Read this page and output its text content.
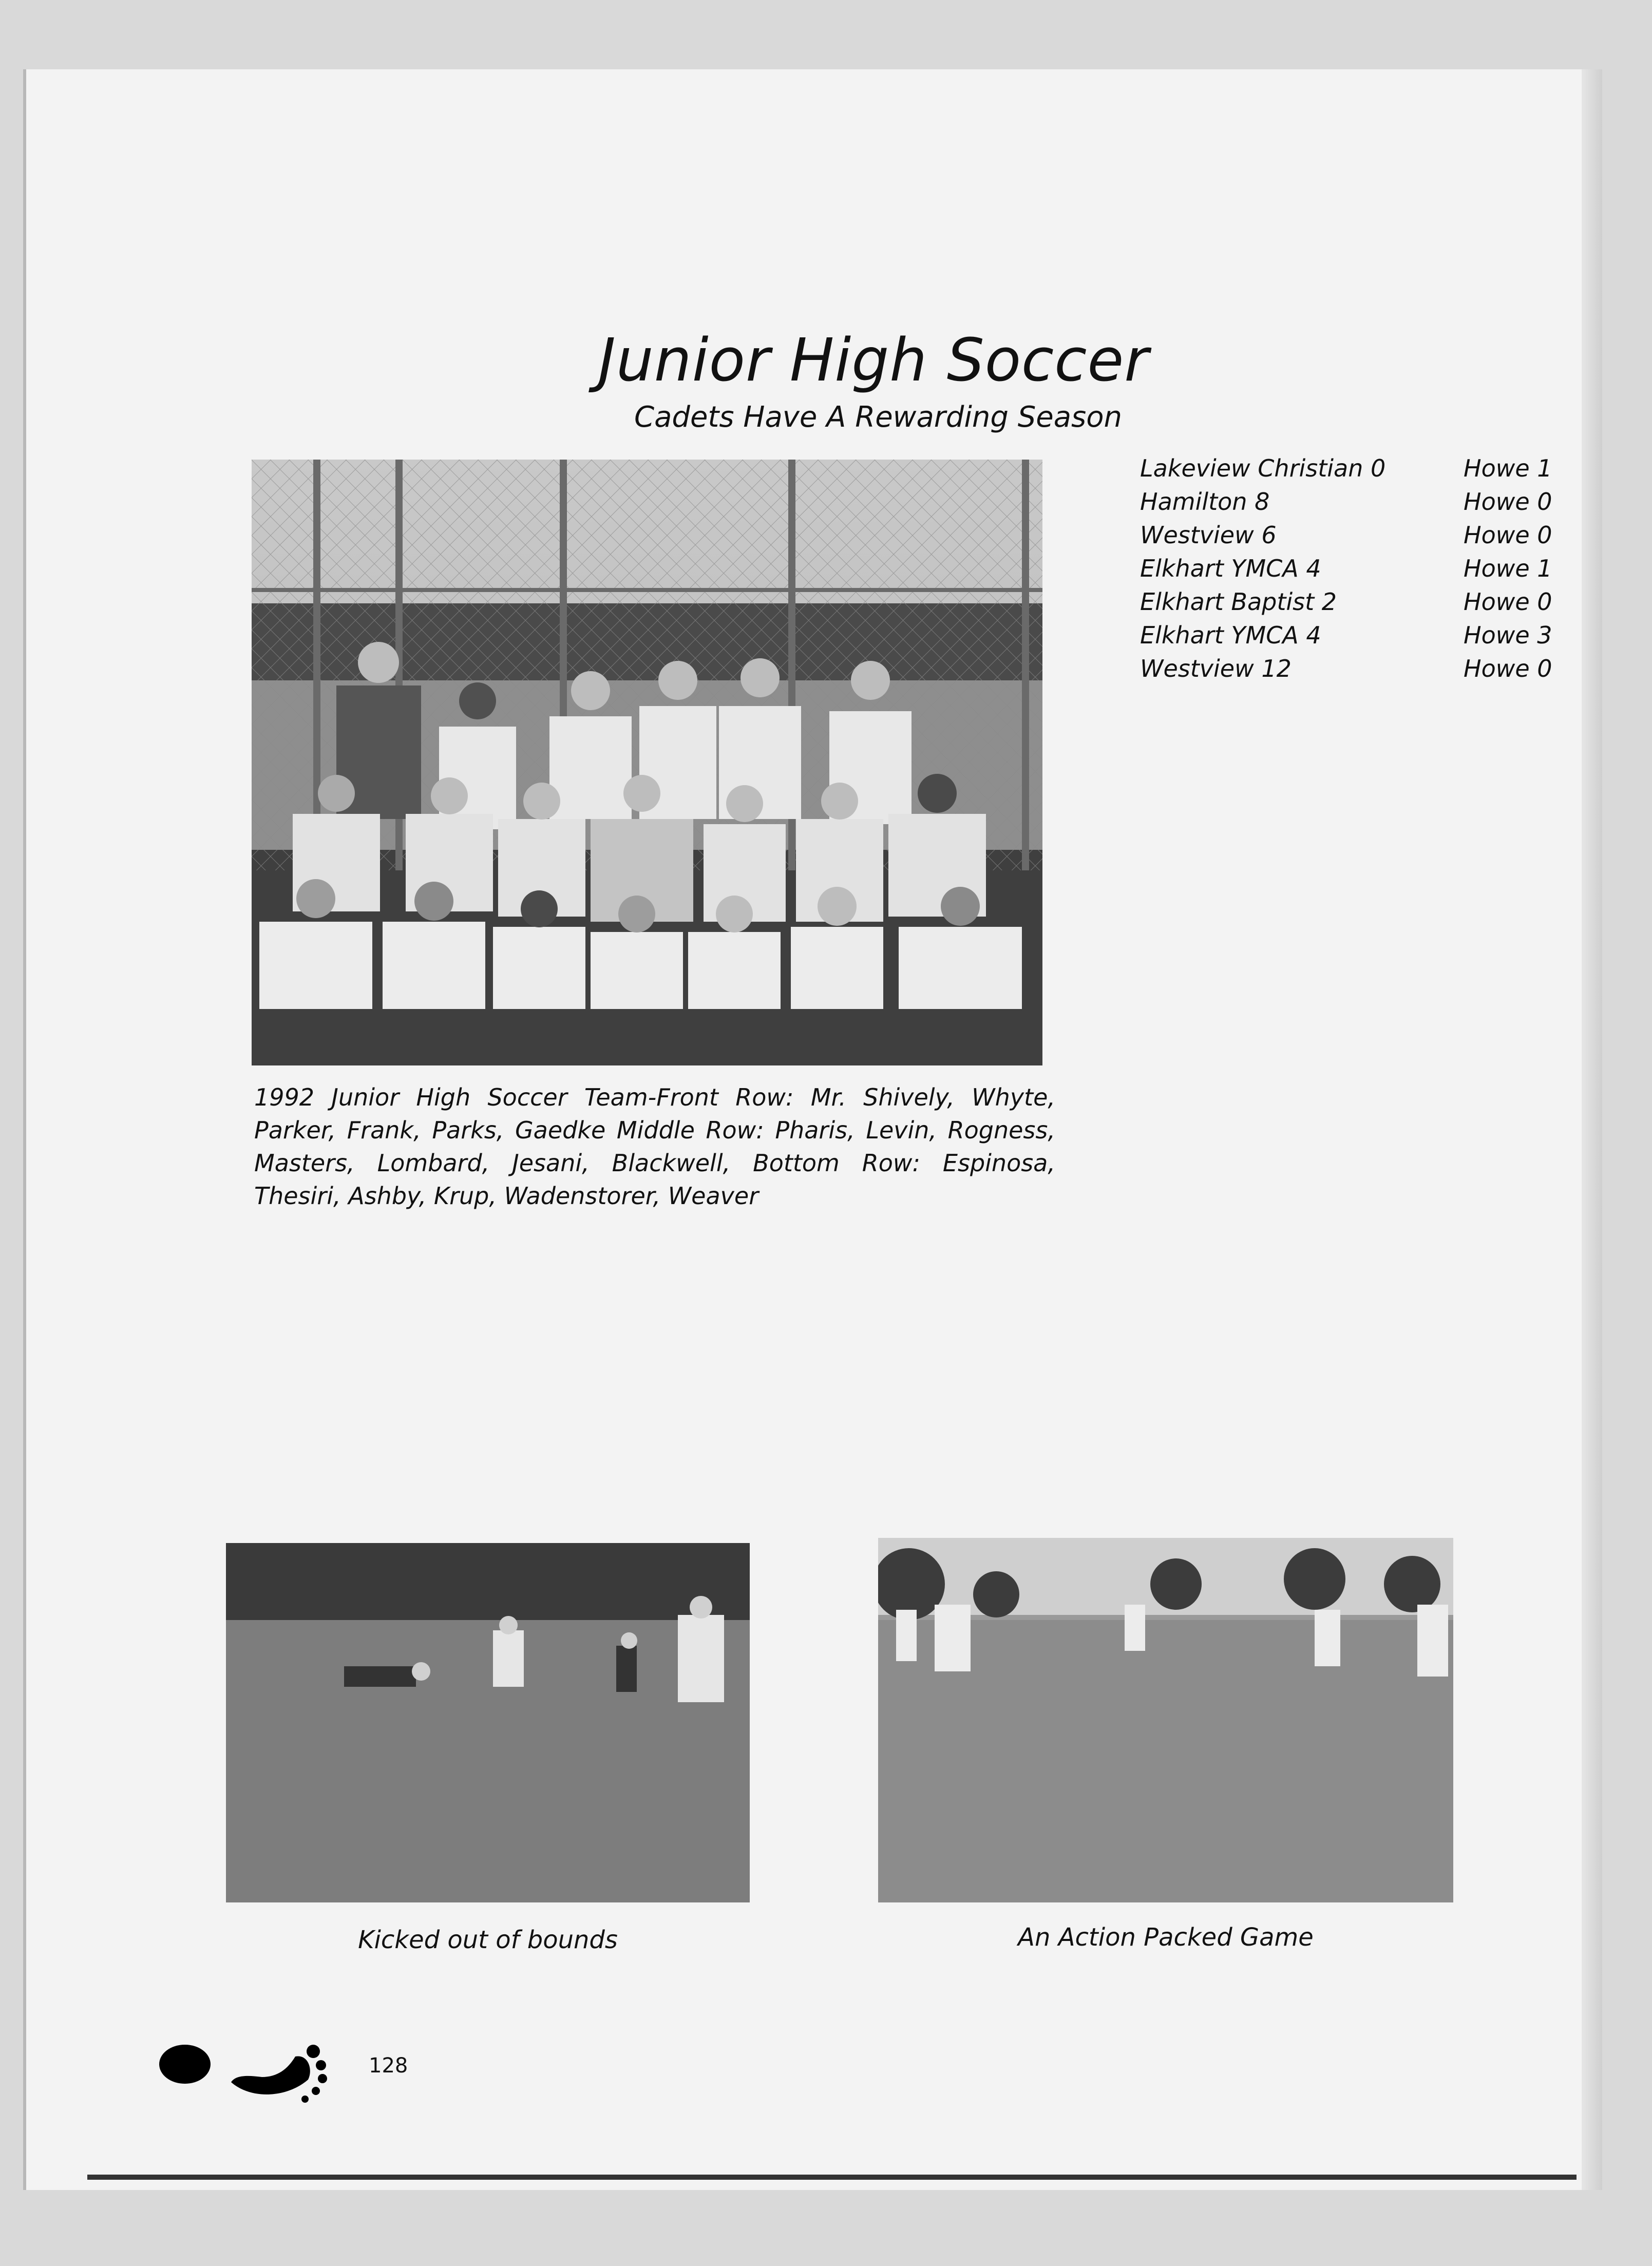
Junior High Soccer
Cadets Have A Rewarding Season
Lakeview Christian 0	Howe 1
Hamilton 8	Howe 0
Westview 6	Howe 0
Elkhart YMCA 4	Howe 1
Elkhart Baptist 2	Howe 0
Elkhart YMCA 4	Howe 3
Westview 12	Howe 0
1992 Junior High Soccer Team-Front Row: Mr. Shively, Whyte, Parker, Frank, Parks, Gaedke Middle Row: Pharis, Levin, Rogness, Masters, Lombard, Jesani, Blackwell, Bottom Row: Espinosa, Thesiri, Ashby, Krup, Wadenstorer, Weaver
Kicked out of bounds	An Action Packed Game
128
